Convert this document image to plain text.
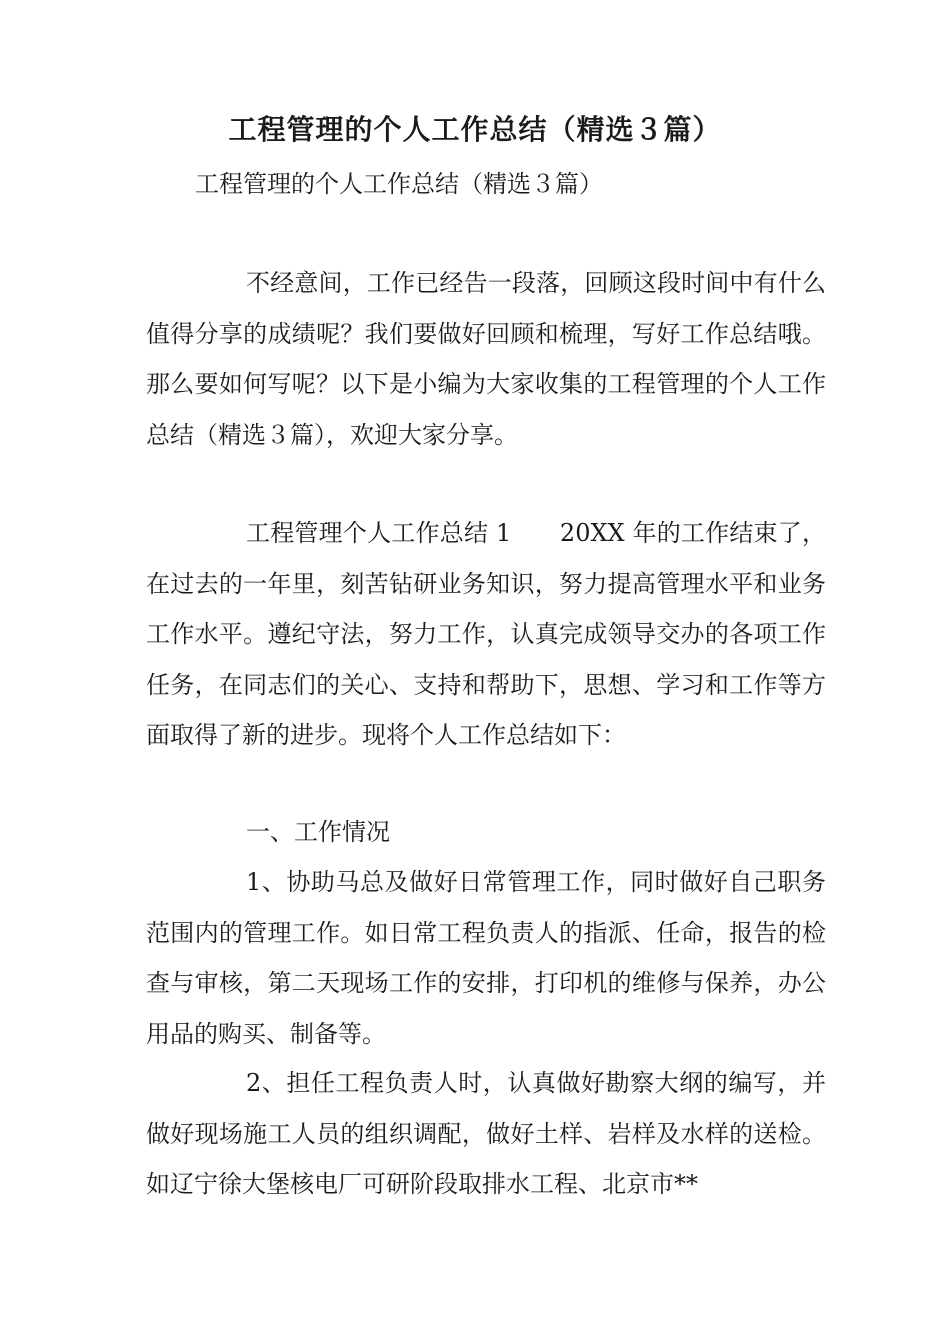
工程管理的个人工作总结（精选３篇）
工程管理的个人工作总结（精选３篇）

不经意间，工作已经告一段落，回顾这段时间中有什么值得分享的成绩呢？我们要做好回顾和梳理，写好工作总结哦。那么要如何写呢？以下是小编为大家收集的工程管理的个人工作总结（精选３篇），欢迎大家分享。

工程管理个人工作总结 1　　20XX 年的工作结束了，在过去的一年里，刻苦钻研业务知识，努力提高管理水平和业务工作水平。遵纪守法，努力工作，认真完成领导交办的各项工作任务，在同志们的关心、支持和帮助下，思想、学习和工作等方面取得了新的进步。现将个人工作总结如下：

一、工作情况

1、协助马总及做好日常管理工作，同时做好自己职务范围内的管理工作。如日常工程负责人的指派、任命，报告的检查与审核，第二天现场工作的安排，打印机的维修与保养，办公用品的购买、制备等。

2、担任工程负责人时，认真做好勘察大纲的编写，并做好现场施工人员的组织调配，做好土样、岩样及水样的送检。如辽宁徐大堡核电厂可研阶段取排水工程、北京市**
